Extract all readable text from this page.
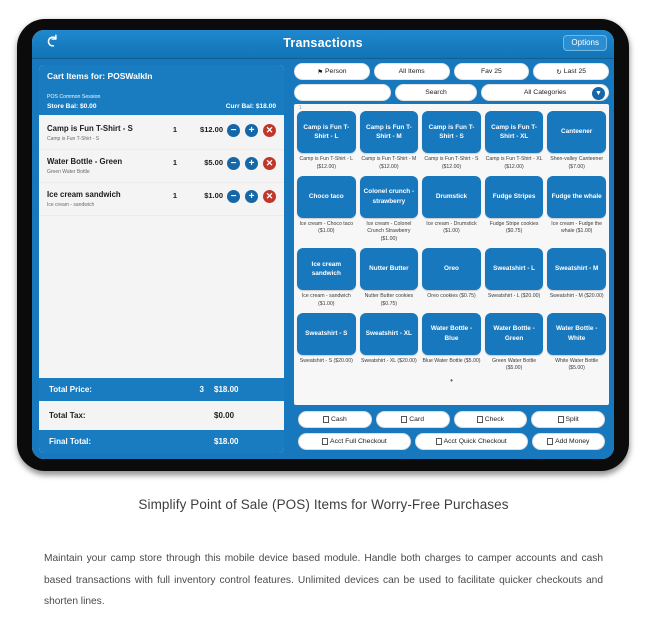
Transactions	Options
Cart Items for: POSWalkIn
POS Common Session
Store Bal: $0.00	Curr Bal: $18.00
Camp is Fun T-Shirt - S
Camp is Fun T-Shirt - S
1	$12.00 −	+	✕
Water Bottle - Green
Green Water Bottle
1	$5.00 −	+	✕
Ice cream sandwich
Ice cream - sandwich
1	$1.00 −	+	✕
Total Price:	3 $18.00
Total Tax:	$0.00
Final Total:	$18.00
⚑ Person	All Items	Fav 25	↻ Last 25
Search	All Categories	▼
1
Camp is Fun T-Shirt - L
Camp is Fun T-Shirt - L ($12.00)
Camp is Fun T-Shirt - M
Camp is Fun T-Shirt - M ($12.00)
Camp is Fun T-Shirt - S
Camp is Fun T-Shirt - S ($12.00)
Camp is Fun T-Shirt - XL
Camp is Fun T-Shirt - XL ($12.00)
Canteener
Shen-valley Canteener ($7.00)
Choco taco
Ice cream - Choco taco ($1.00)
Colonel crunch - strawberry
Ice cream - Colonel Crunch Strawberry ($1.00)
Drumstick
Ice cream - Drumstick ($1.00)
Fudge Stripes
Fudge Stripe cookies ($0.75)
Fudge the whale
Ice cream - Fudge the whale ($1.00)
Ice cream sandwich
Ice cream - sandwich ($1.00)
Nutter Butter
Nutter Butter cookies ($0.75)
Oreo
Oreo cookies ($0.75)
Sweatshirt - L
Sweatshirt - L ($20.00)
Sweatshirt - M
Sweatshirt - M ($20.00)
Sweatshirt - S
Sweatshirt - S ($20.00)
Sweatshirt - XL
Sweatshirt - XL ($20.00)
Water Bottle - Blue
Blue Water Bottle ($5.00)
Water Bottle - Green
Green Water Bottle ($5.00)
Water Bottle - White
White Water Bottle ($5.00)
•
Cash	Card	Check	Split
Acct Full Checkout	Acct Quick Checkout	Add Money
Simplify Point of Sale (POS) Items for Worry-Free Purchases
Maintain your camp store through this mobile device based module. Handle both charges to camper accounts and cash based transactions with full inventory control features. Unlimited devices can be used to facilitate quicker checkouts and shorten lines.
